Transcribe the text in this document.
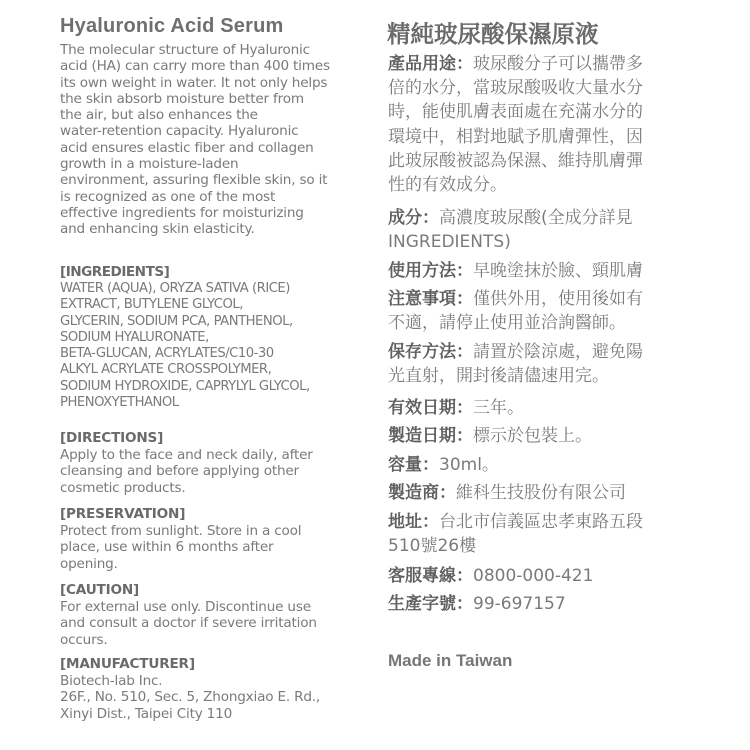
Hyaluronic Acid Serum
The molecular structure of Hyaluronic
acid (HA) can carry more than 400 times
its own weight in water. It not only helps
the skin absorb moisture better from
the air, but also enhances the
water-retention capacity. Hyaluronic
acid ensures elastic fiber and collagen
growth in a moisture-laden
environment, assuring flexible skin, so it
is recognized as one of the most
effective ingredients for moisturizing
and enhancing skin elasticity.
[INGREDIENTS]
WATER (AQUA), ORYZA SATIVA (RICE)
EXTRACT, BUTYLENE GLYCOL,
GLYCERIN, SODIUM PCA, PANTHENOL,
SODIUM HYALURONATE,
BETA-GLUCAN, ACRYLATES/C10-30
ALKYL ACRYLATE CROSSPOLYMER,
SODIUM HYDROXIDE, CAPRYLYL GLYCOL,
PHENOXYETHANOL
[DIRECTIONS]
Apply to the face and neck daily, after
cleansing and before applying other
cosmetic products.
[PRESERVATION]
Protect from sunlight. Store in a cool
place, use within 6 months after
opening.
[CAUTION]
For external use only. Discontinue use
and consult a doctor if severe irritation
occurs.
[MANUFACTURER]
Biotech-lab Inc.
26F., No. 510, Sec. 5, Zhongxiao E. Rd.,
Xinyi Dist., Taipei City 110
精純玻尿酸保濕原液
產品用途：玻尿酸分子可以攜帶多
倍的水分，當玻尿酸吸收大量水分
時，能使肌膚表面處在充滿水分的
環境中，相對地賦予肌膚彈性，因
此玻尿酸被認為保濕、維持肌膚彈
性的有效成分。
成分：高濃度玻尿酸(全成分詳見
INGREDIENTS)
使用方法：早晚塗抹於臉、頸肌膚
注意事項：僅供外用，使用後如有
不適，請停止使用並洽詢醫師。
保存方法：請置於陰涼處，避免陽
光直射，開封後請儘速用完。
有效日期：三年。
製造日期：標示於包裝上。
容量：30ml。
製造商：維科生技股份有限公司
地址：台北市信義區忠孝東路五段
510號26樓
客服專線：0800-000-421
生產字號：99-697157
Made in Taiwan
